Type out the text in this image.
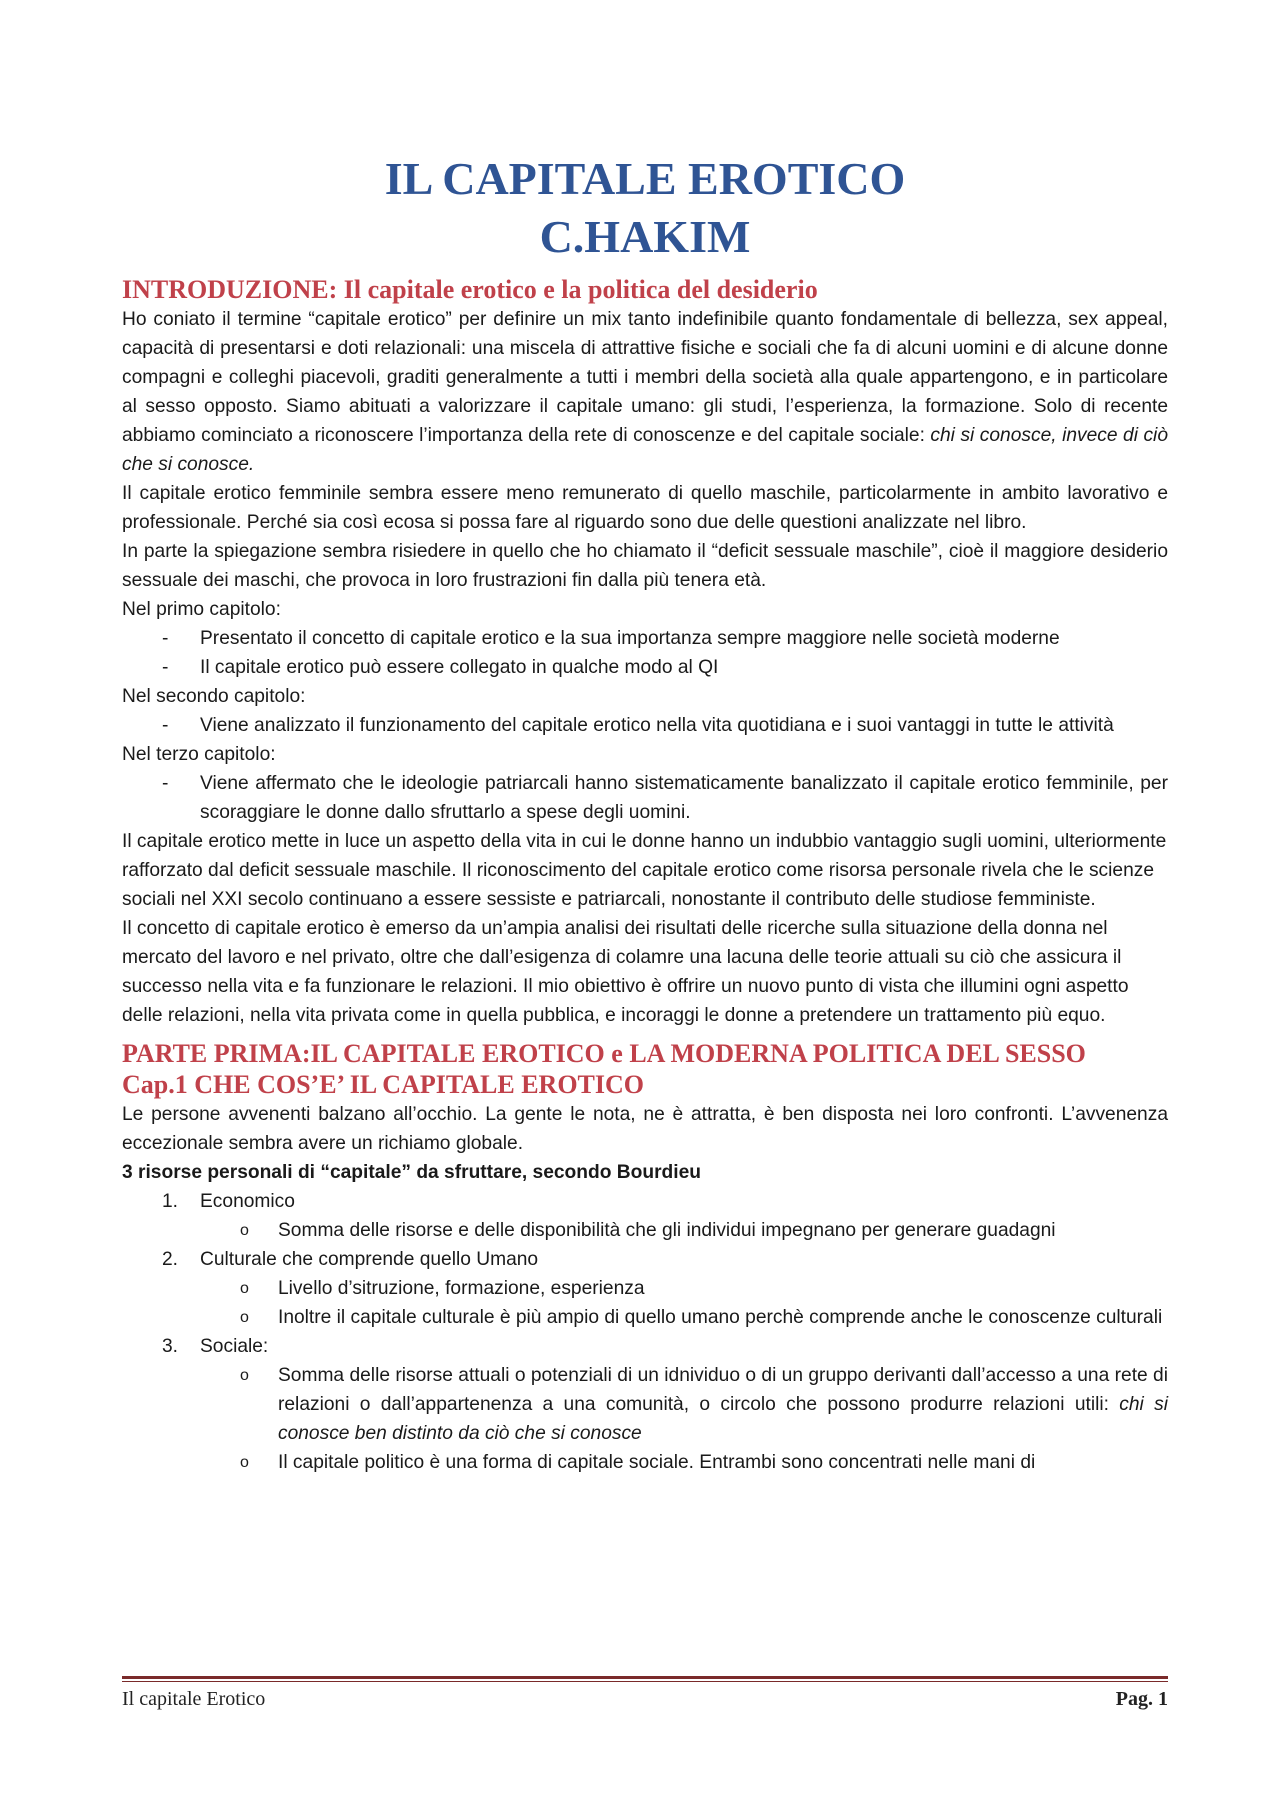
IL CAPITALE EROTICO
C.HAKIM
INTRODUZIONE: Il capitale erotico e la politica del desiderio

Ho coniato il termine “capitale erotico” per definire un mix tanto indefinibile quanto fondamentale di bellezza, sex appeal, capacità di presentarsi e doti relazionali: una miscela di attrattive fisiche e sociali che fa di alcuni uomini e di alcune donne compagni e colleghi piacevoli, graditi generalmente a tutti i membri della società alla quale appartengono, e in particolare al sesso opposto. Siamo abituati a valorizzare il capitale umano: gli studi, l’esperienza, la formazione. Solo di recente abbiamo cominciato a riconoscere l’importanza della rete di conoscenze e del capitale sociale: chi si conosce, invece di ciò che si conosce.

Il capitale erotico femminile sembra essere meno remunerato di quello maschile, particolarmente in ambito lavorativo e professionale. Perché sia così ecosa si possa fare al riguardo sono due delle questioni analizzate nel libro.

In parte la spiegazione sembra risiedere in quello che ho chiamato il “deficit sessuale maschile”, cioè il maggiore desiderio sessuale dei maschi, che provoca in loro frustrazioni fin dalla più tenera età.

Nel primo capitolo:

- Presentato il concetto di capitale erotico e la sua importanza sempre maggiore nelle società moderne
- Il capitale erotico può essere collegato in qualche modo al QI

Nel secondo capitolo:

- Viene analizzato il funzionamento del capitale erotico nella vita quotidiana e i suoi vantaggi in tutte le attività

Nel terzo capitolo:

- Viene affermato che le ideologie patriarcali hanno sistematicamente banalizzato il capitale erotico femminile, per scoraggiare le donne dallo sfruttarlo a spese degli uomini.

Il capitale erotico mette in luce un aspetto della vita in cui le donne hanno un indubbio vantaggio sugli uomini, ulteriormente rafforzato dal deficit sessuale maschile. Il riconoscimento del capitale erotico come risorsa personale rivela che le scienze sociali nel XXI secolo continuano a essere sessiste e patriarcali, nonostante il contributo delle studiose femministe.

Il concetto di capitale erotico è emerso da un’ampia analisi dei risultati delle ricerche sulla situazione della donna nel mercato del lavoro e nel privato, oltre che dall’esigenza di colamre una lacuna delle teorie attuali su ciò che assicura il successo nella vita e fa funzionare le relazioni. Il mio obiettivo è offrire un nuovo punto di vista che illumini ogni aspetto delle relazioni, nella vita privata come in quella pubblica, e incoraggi le donne a pretendere un trattamento più equo.

PARTE PRIMA:IL CAPITALE EROTICO e LA MODERNA POLITICA DEL SESSO
Cap.1 CHE COS’E’ IL CAPITALE EROTICO

Le persone avvenenti balzano all’occhio. La gente le nota, ne è attratta, è ben disposta nei loro confronti. L’avvenenza eccezionale sembra avere un richiamo globale.

3 risorse personali di “capitale” da sfruttare, secondo Bourdieu

1. Economico
o Somma delle risorse e delle disponibilità che gli individui impegnano per generare guadagni
2. Culturale che comprende quello Umano
o Livello d’sitruzione, formazione, esperienza
o Inoltre il capitale culturale è più ampio di quello umano perchè comprende anche le conoscenze culturali
3. Sociale:
o Somma delle risorse attuali o potenziali di un idnividuo o di un gruppo derivanti dall’accesso a una rete di relazioni o dall’appartenenza a una comunità, o circolo che possono produrre relazioni utili: chi si conosce ben distinto da ciò che si conosce
o Il capitale politico è una forma di capitale sociale. Entrambi sono concentrati nelle mani di
Il capitale Erotico	Pag. 1
